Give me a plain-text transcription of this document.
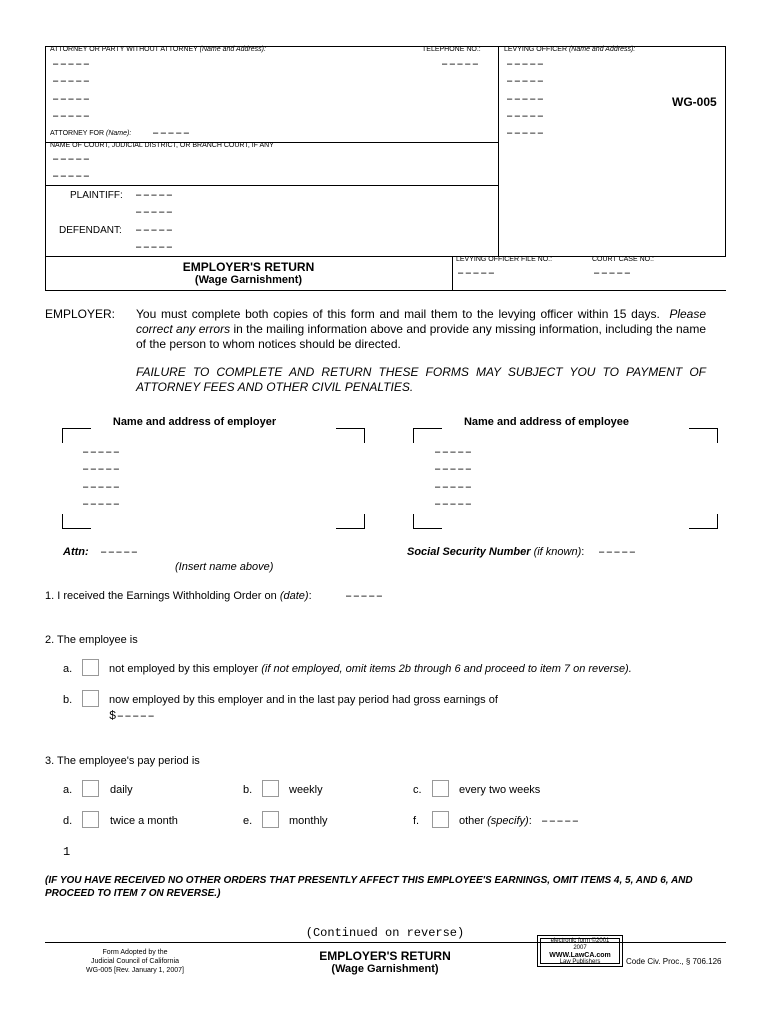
ATTORNEY OR PARTY WITHOUT ATTORNEY (Name and Address):	TELEPHONE NO.:	LEVYING OFFICER (Name and Address):
–––––
–––––
–––––
–––––
––––– –––––
–––––
–––––
–––––
–––––
WG-005
ATTORNEY FOR (Name): –––––
NAME OF COURT, JUDICIAL DISTRICT, OR BRANCH COURT, IF ANY
–––––
–––––
PLAINTIFF: –––––
–––––
DEFENDANT: –––––
–––––
EMPLOYER'S RETURN
(Wage Garnishment)
LEVYING OFFICER FILE NO.:
–––––
COURT CASE NO.:
–––––
EMPLOYER: You must complete both copies of this form and mail them to the levying officer within 15 days. Please correct any errors in the mailing information above and provide any missing information, including the name of the person to whom notices should be directed.
FAILURE TO COMPLETE AND RETURN THESE FORMS MAY SUBJECT YOU TO PAYMENT OF ATTORNEY FEES AND OTHER CIVIL PENALTIES.
Name and address of employer	Name and address of employee
–––––
–––––
–––––
–––––
–––––
–––––
–––––
–––––
Attn: –––––
(Insert name above)
Social Security Number (if known): –––––
1. I received the Earnings Withholding Order on (date):	–––––
2. The employee is
a.	not employed by this employer (if not employed, omit items 2b through 6 and proceed to item 7 on reverse).
b.	now employed by this employer and in the last pay period had gross earnings of
$–––––
3. The employee's pay period is
a.	daily	b.	weekly	c.	every two weeks
d.	twice a month	e.	monthly	f.	other (specify): –––––
1
(IF YOU HAVE RECEIVED NO OTHER ORDERS THAT PRESENTLY AFFECT THIS EMPLOYEE'S EARNINGS, OMIT ITEMS 4, 5, AND 6, AND PROCEED TO ITEM 7 ON REVERSE.)
(Continued on reverse)
Form Adopted by the
Judicial Council of California
WG-005 [Rev. January 1, 2007]
EMPLOYER'S RETURN
(Wage Garnishment)
electronic form ©2001
2007
WWW.LawCA.com
Law Publishers	Code Civ. Proc., § 706.126
